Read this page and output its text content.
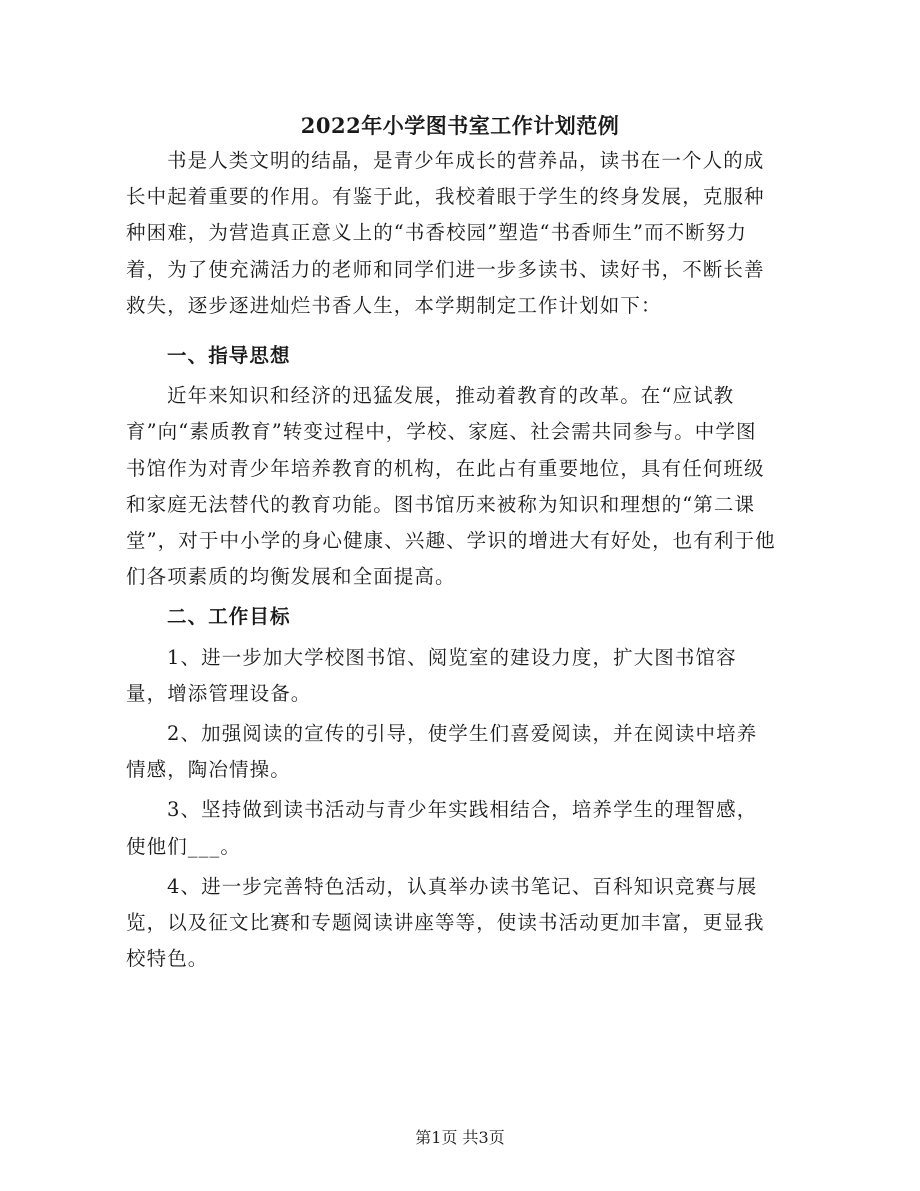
2022年小学图书室工作计划范例

书是人类文明的结晶，是青少年成长的营养品，读书在一个人的成长中起着重要的作用。有鉴于此，我校着眼于学生的终身发展，克服种种困难，为营造真正意义上的“书香校园”塑造“书香师生”而不断努力着，为了使充满活力的老师和同学们进一步多读书、读好书，不断长善救失，逐步逐进灿烂书香人生，本学期制定工作计划如下：

一、指导思想

近年来知识和经济的迅猛发展，推动着教育的改革。在“应试教育”向“素质教育”转变过程中，学校、家庭、社会需共同参与。中学图书馆作为对青少年培养教育的机构，在此占有重要地位，具有任何班级和家庭无法替代的教育功能。图书馆历来被称为知识和理想的“第二课堂”，对于中小学的身心健康、兴趣、学识的增进大有好处，也有利于他们各项素质的均衡发展和全面提高。

二、工作目标

1、进一步加大学校图书馆、阅览室的建设力度，扩大图书馆容量，增添管理设备。

2、加强阅读的宣传的引导，使学生们喜爱阅读，并在阅读中培养情感，陶冶情操。

3、坚持做到读书活动与青少年实践相结合，培养学生的理智感，使他们___。

4、进一步完善特色活动，认真举办读书笔记、百科知识竞赛与展览，以及征文比赛和专题阅读讲座等等，使读书活动更加丰富，更显我校特色。

第1页 共3页
